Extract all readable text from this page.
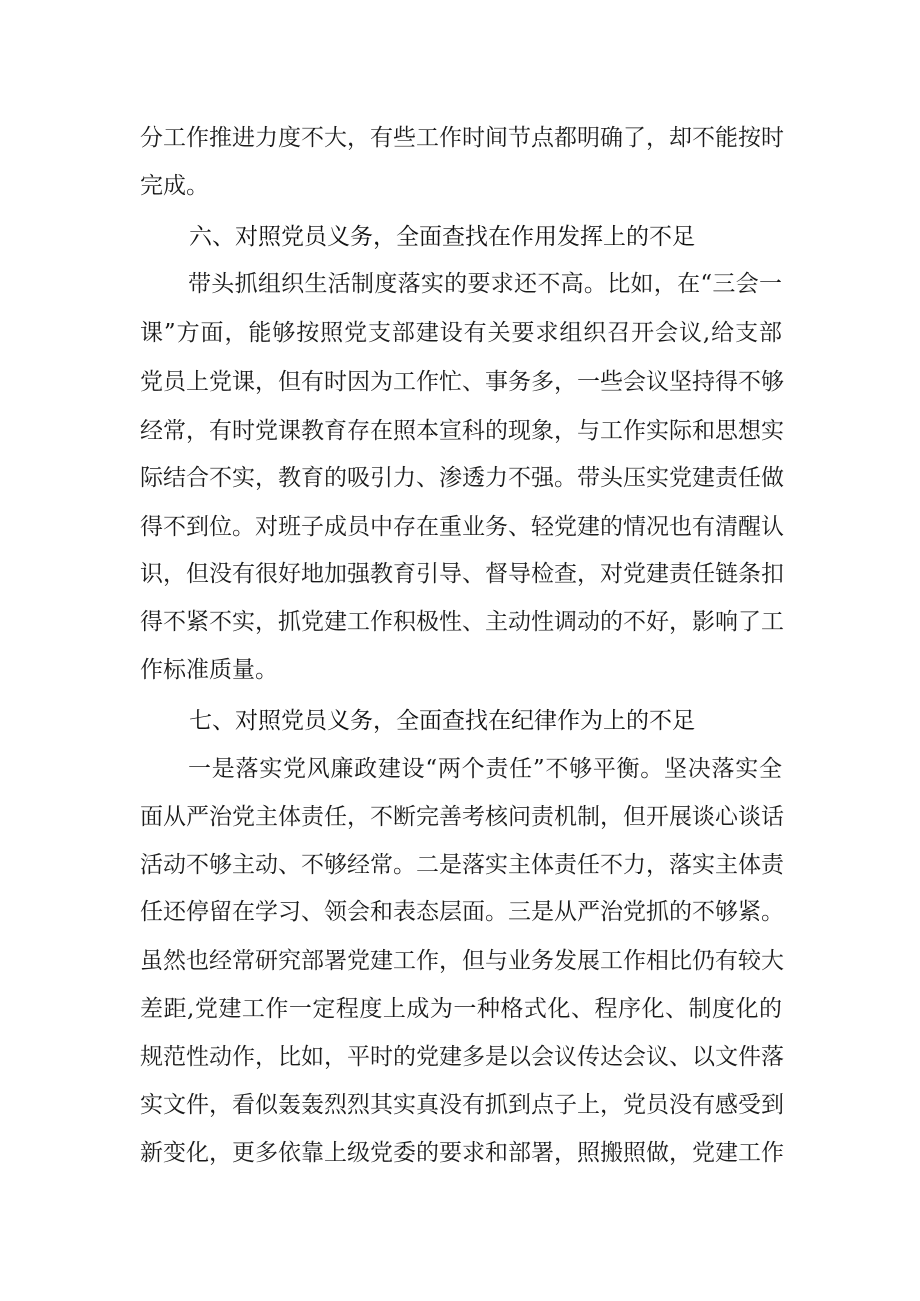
分工作推进力度不大，有些工作时间节点都明确了，却不能按时
完成。
六、对照党员义务，全面查找在作用发挥上的不足
带头抓组织生活制度落实的要求还不高。比如，在“三会一
课”方面，能够按照党支部建设有关要求组织召开会议,给支部
党员上党课，但有时因为工作忙、事务多，一些会议坚持得不够
经常，有时党课教育存在照本宣科的现象，与工作实际和思想实
际结合不实，教育的吸引力、渗透力不强。带头压实党建责任做
得不到位。对班子成员中存在重业务、轻党建的情况也有清醒认
识，但没有很好地加强教育引导、督导检查，对党建责任链条扣
得不紧不实，抓党建工作积极性、主动性调动的不好，影响了工
作标准质量。
七、对照党员义务，全面查找在纪律作为上的不足
一是落实党风廉政建设“两个责任”不够平衡。坚决落实全
面从严治党主体责任，不断完善考核问责机制，但开展谈心谈话
活动不够主动、不够经常。二是落实主体责任不力，落实主体责
任还停留在学习、领会和表态层面。三是从严治党抓的不够紧。
虽然也经常研究部署党建工作，但与业务发展工作相比仍有较大
差距,党建工作一定程度上成为一种格式化、程序化、制度化的
规范性动作，比如，平时的党建多是以会议传达会议、以文件落
实文件，看似轰轰烈烈其实真没有抓到点子上，党员没有感受到
新变化，更多依靠上级党委的要求和部署，照搬照做，党建工作
